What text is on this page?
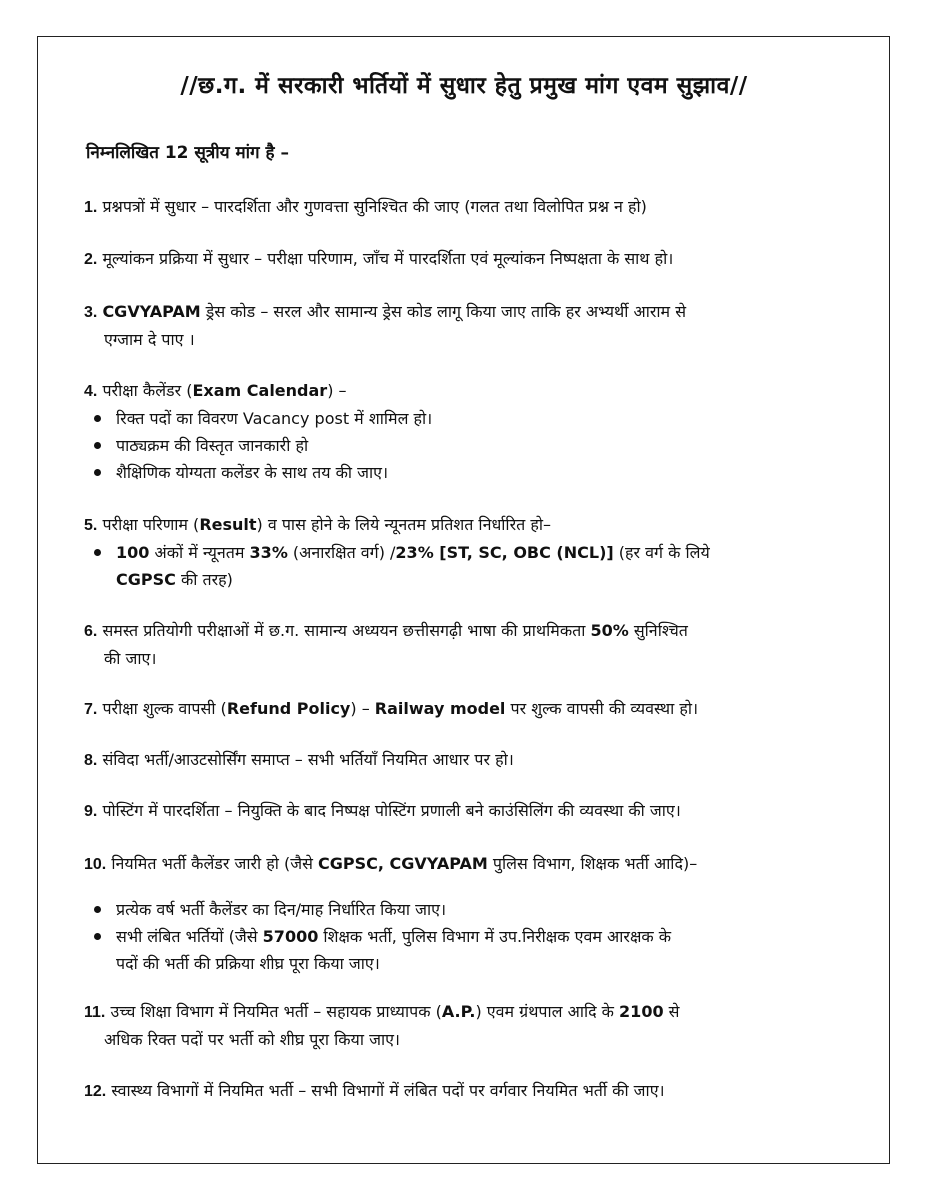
//छ.ग. में सरकारी भर्तियों में सुधार हेतु प्रमुख मांग एवम सुझाव//
निम्नलिखित 12 सूत्रीय मांग है –
1. प्रश्नपत्रों में सुधार – पारदर्शिता और गुणवत्ता सुनिश्चित की जाए (गलत तथा विलोपित प्रश्न न हो)
2. मूल्यांकन प्रक्रिया में सुधार – परीक्षा परिणाम, जाँच में पारदर्शिता एवं मूल्यांकन निष्पक्षता के साथ हो।
3. CGVYAPAM ड्रेस कोड – सरल और सामान्य ड्रेस कोड लागू किया जाए ताकि हर अभ्यर्थी आराम से
एग्जाम दे पाए ।
4. परीक्षा कैलेंडर (Exam Calendar) –
रिक्त पदों का विवरण Vacancy post में शामिल हो।
पाठ्यक्रम की विस्तृत जानकारी हो
शैक्षिणिक योग्यता कलेंडर के साथ तय की जाए।
5. परीक्षा परिणाम (Result) व पास होने के लिये न्यूनतम प्रतिशत निर्धारित हो–
100 अंकों में न्यूनतम 33% (अनारक्षित वर्ग) /23% [ST, SC, OBC (NCL)] (हर वर्ग के लिये
CGPSC की तरह)
6. समस्त प्रतियोगी परीक्षाओं में छ.ग. सामान्य अध्ययन छत्तीसगढ़ी भाषा की प्राथमिकता 50% सुनिश्चित
की जाए।
7. परीक्षा शुल्क वापसी (Refund Policy) – Railway model पर शुल्क वापसी की व्यवस्था हो।
8. संविदा भर्ती/आउटसोर्सिंग समाप्त – सभी भर्तियाँ नियमित आधार पर हो।
9. पोस्टिंग में पारदर्शिता – नियुक्ति के बाद निष्पक्ष पोस्टिंग प्रणाली बने काउंसिलिंग की व्यवस्था की जाए।
10. नियमित भर्ती कैलेंडर जारी हो (जैसे CGPSC, CGVYAPAM पुलिस विभाग, शिक्षक भर्ती आदि)–
प्रत्येक वर्ष भर्ती कैलेंडर का दिन/माह निर्धारित किया जाए।
सभी लंबित भर्तियों (जैसे 57000 शिक्षक भर्ती, पुलिस विभाग में उप.निरीक्षक एवम आरक्षक के
पदों की भर्ती की प्रक्रिया शीघ्र पूरा किया जाए।
11. उच्च शिक्षा विभाग में नियमित भर्ती – सहायक प्राध्यापक (A.P.) एवम ग्रंथपाल आदि के 2100 से
अधिक रिक्त पदों पर भर्ती को शीघ्र पूरा किया जाए।
12. स्वास्थ्य विभागों में नियमित भर्ती – सभी विभागों में लंबित पदों पर वर्गवार नियमित भर्ती की जाए।
